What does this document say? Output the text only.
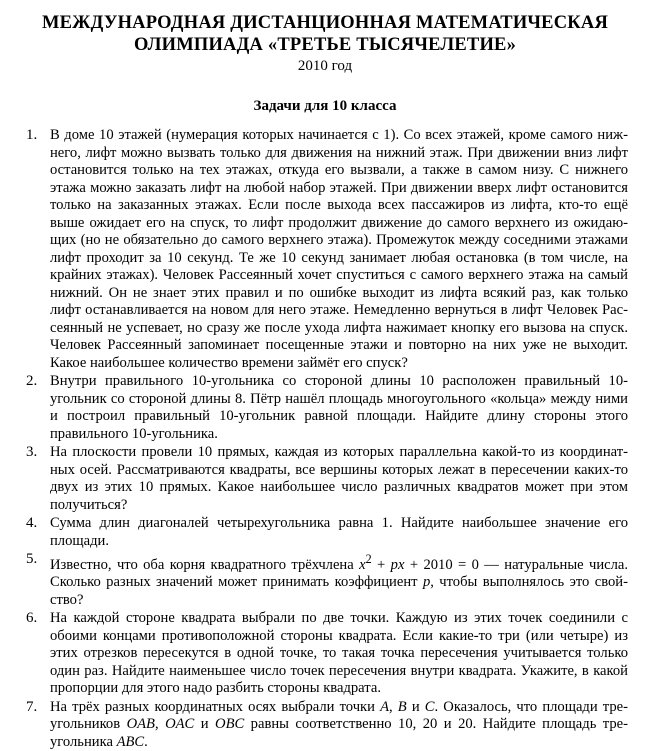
МЕЖДУНАРОДНАЯ ДИСТАНЦИОННАЯ МАТЕМАТИЧЕСКАЯ
ОЛИМПИАДА «ТРЕТЬЕ ТЫСЯЧЕЛЕТИЕ»
2010 год
Задачи для 10 класса
1. В доме 10 этажей (нумерация которых начинается с 1). Со всех этажей, кроме самого нижнего, лифт можно вызвать только для движения на нижний этаж. При движении вниз лифт остановится только на тех этажах, откуда его вызвали, а также в самом низу. С нижнего этажа можно заказать лифт на любой набор этажей. При движении вверх лифт остановится только на заказанных этажах. Если после выхода всех пассажиров из лифта, кто-то ещё выше ожидает его на спуск, то лифт продолжит движение до самого верхнего из ожидающих (но не обязательно до самого верхнего этажа). Промежуток между соседними этажами лифт проходит за 10 секунд. Те же 10 секунд занимает любая остановка (в том числе, на крайних этажах). Человек Рассеянный хочет спуститься с самого верхнего этажа на самый нижний. Он не знает этих правил и по ошибке выходит из лифта всякий раз, как только лифт останавливается на новом для него этаже. Немедленно вернуться в лифт Человек Рассеянный не успевает, но сразу же после ухода лифта нажимает кнопку его вызова на спуск. Человек Рассеянный запоминает посещенные этажи и повторно на них уже не выходит. Какое наибольшее количество времени займёт его спуск?

2. Внутри правильного 10-угольника со стороной длины 10 расположен правильный 10-угольник со стороной длины 8. Пётр нашёл площадь многоугольного «кольца» между ними и построил правильный 10-угольник равной площади. Найдите длину стороны этого правильного 10-угольника.

3. На плоскости провели 10 прямых, каждая из которых параллельна какой-то из координатных осей. Рассматриваются квадраты, все вершины которых лежат в пересечении каких-то двух из этих 10 прямых. Какое наибольшее число различных квадратов может при этом получиться?

4. Сумма длин диагоналей четырехугольника равна 1. Найдите наибольшее значение его площади.

5. Известно, что оба корня квадратного трёхчлена $x^2$ + px + 2010 = 0 — натуральные числа. Сколько разных значений может принимать коэффициент p, чтобы выполнялось это свойство?

6. На каждой стороне квадрата выбрали по две точки. Каждую из этих точек соединили с обоими концами противоположной стороны квадрата. Если какие-то три (или четыре) из этих отрезков пересекутся в одной точке, то такая точка пересечения учитывается только один раз. Найдите наименьшее число точек пересечения внутри квадрата. Укажите, в какой пропорции для этого надо разбить стороны квадрата.

7. На трёх разных координатных осях выбрали точки A, B и C. Оказалось, что площади треугольников OAB, OAC и OBC равны соответственно 10, 20 и 20. Найдите площадь треугольника ABC.
